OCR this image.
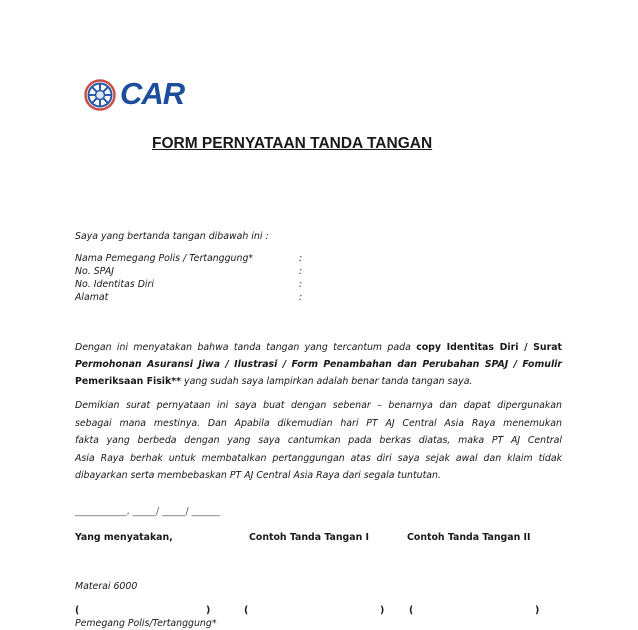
CAR
FORM PERNYATAAN TANDA TANGAN
Saya yang bertanda tangan dibawah ini :
Nama Pemegang Polis / Tertanggung*	:
No. SPAJ	:
No. Identitas Diri	:
Alamat	:
Dengan ini menyatakan bahwa tanda tangan yang tercantum pada copy Identitas Diri / Surat
Permohonan Asuransi Jiwa / Ilustrasi / Form Penambahan dan Perubahan SPAJ / Fomulir
Pemeriksaan Fisik** yang sudah saya lampirkan adalah benar tanda tangan saya.
Demikian surat pernyataan ini saya buat dengan sebenar – benarnya dan dapat dipergunakan
sebagai mana mestinya. Dan Apabila dikemudian hari PT AJ Central Asia Raya menemukan
fakta yang berbeda dengan yang saya cantumkan pada berkas diatas, maka PT AJ Central
Asia Raya berhak untuk membatalkan pertanggungan atas diri saya sejak awal dan klaim tidak
dibayarkan serta membebaskan PT AJ Central Asia Raya dari segala tuntutan.
___________, _____/ _____/ ______
Yang menyatakan,	Contoh Tanda Tangan I	Contoh Tanda Tangan II
Materai 6000
(	)	(	)	(	)
Pemegang Polis/Tertanggung*
